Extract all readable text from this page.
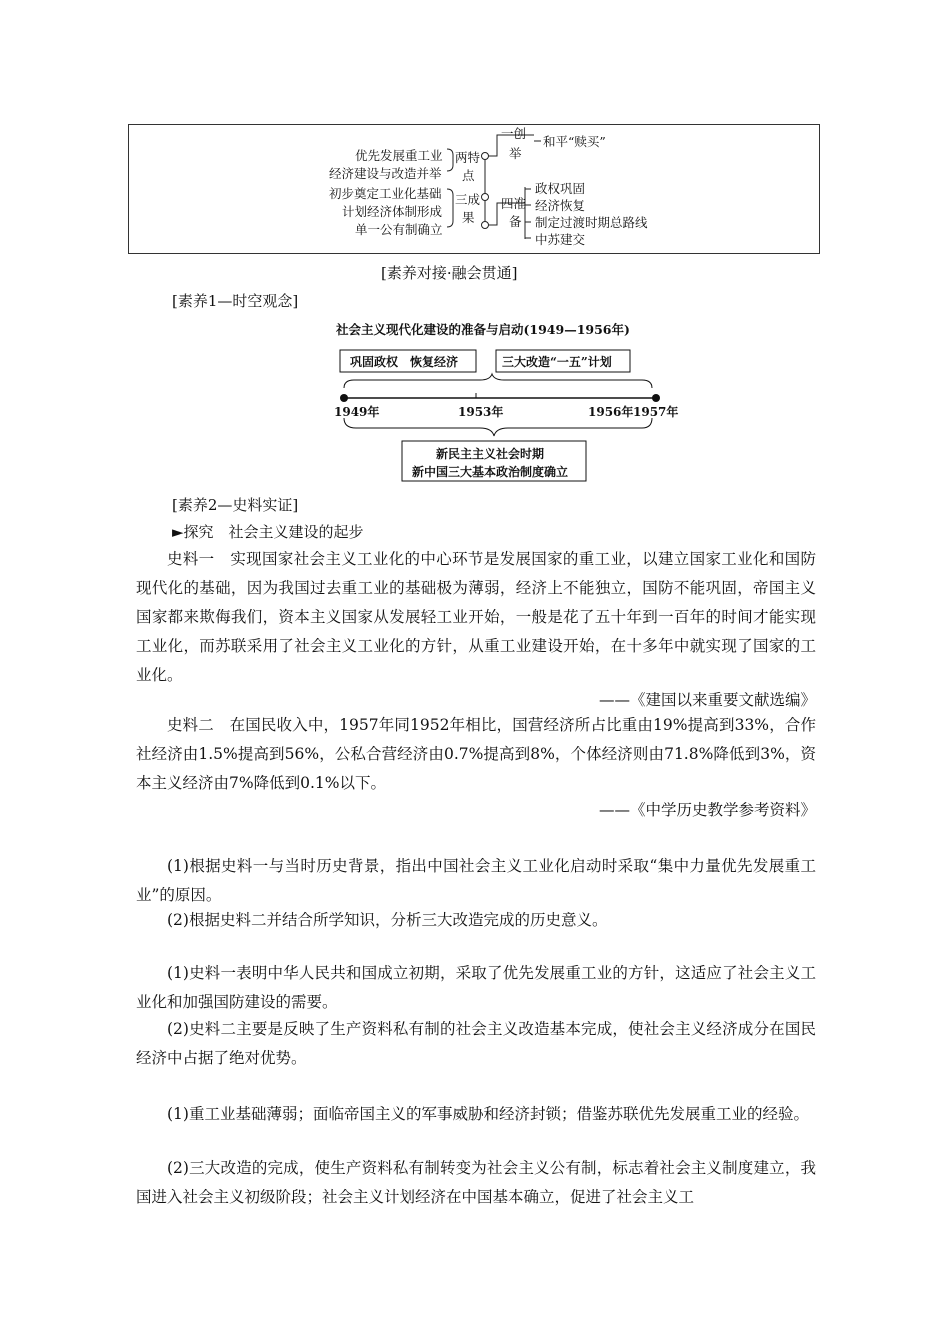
优先发展重工业
经济建设与改造并举
初步奠定工业化基础
计划经济体制形成
单一公有制确立
两特
点
三成
果
一创
举
和平“赎买”
四准
备
政权巩固
经济恢复
制定过渡时期总路线
中苏建交
[素养对接·融会贯通]
[素养1—时空观念]
社会主义现代化建设的准备与启动(1949—1956年)
巩固政权　恢复经济	三大改造“一五”计划
1949年	1953年	1956年 1957年
新民主主义社会时期
新中国三大基本政治制度确立
[素养2—史料实证]
►探究　社会主义建设的起步
史料一　实现国家社会主义工业化的中心环节是发展国家的重工业，以建立国家工业化和国防现代化的基础，因为我国过去重工业的基础极为薄弱，经济上不能独立，国防不能巩固，帝国主义国家都来欺侮我们，资本主义国家从发展轻工业开始，一般是花了五十年到一百年的时间才能实现工业化，而苏联采用了社会主义工业化的方针，从重工业建设开始，在十多年中就实现了国家的工业化。
——《建国以来重要文献选编》
史料二　在国民收入中，1957年同1952年相比，国营经济所占比重由19%提高到33%，合作社经济由1.5%提高到56%，公私合营经济由0.7%提高到8%，个体经济则由71.8%降低到3%，资本主义经济由7%降低到0.1%以下。
——《中学历史教学参考资料》
(1)根据史料一与当时历史背景，指出中国社会主义工业化启动时采取“集中力量优先发展重工业”的原因。
(2)根据史料二并结合所学知识，分析三大改造完成的历史意义。
(1)史料一表明中华人民共和国成立初期，采取了优先发展重工业的方针，这适应了社会主义工业化和加强国防建设的需要。
(2)史料二主要是反映了生产资料私有制的社会主义改造基本完成，使社会主义经济成分在国民经济中占据了绝对优势。
(1)重工业基础薄弱；面临帝国主义的军事威胁和经济封锁；借鉴苏联优先发展重工业的经验。
(2)三大改造的完成，使生产资料私有制转变为社会主义公有制，标志着社会主义制度建立，我国进入社会主义初级阶段；社会主义计划经济在中国基本确立，促进了社会主义工
